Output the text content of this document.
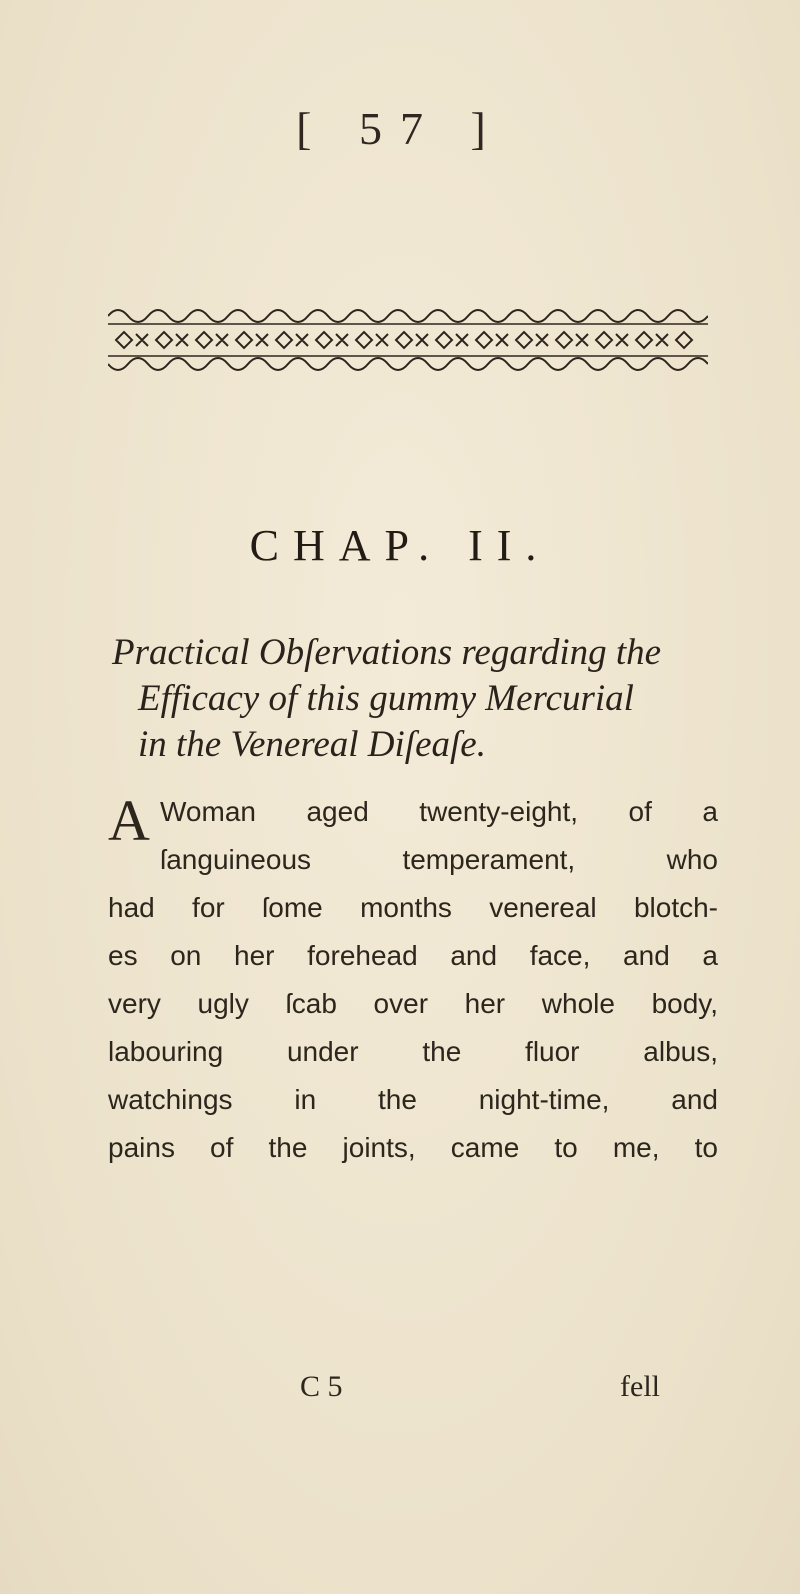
[ 57 ]
CHAP. II.
Practical Obſervations regarding the
Efficacy of this gummy Mercurial
in the Venereal Diſeaſe.
A Woman aged twenty-eight, of a
ſanguineous temperament, who
had for ſome months venereal blotch-
es on her forehead and face, and a
very ugly ſcab over her whole body,
labouring under the fluor albus,
watchings in the night-time, and
pains of the joints, came to me, to
C 5	fell
